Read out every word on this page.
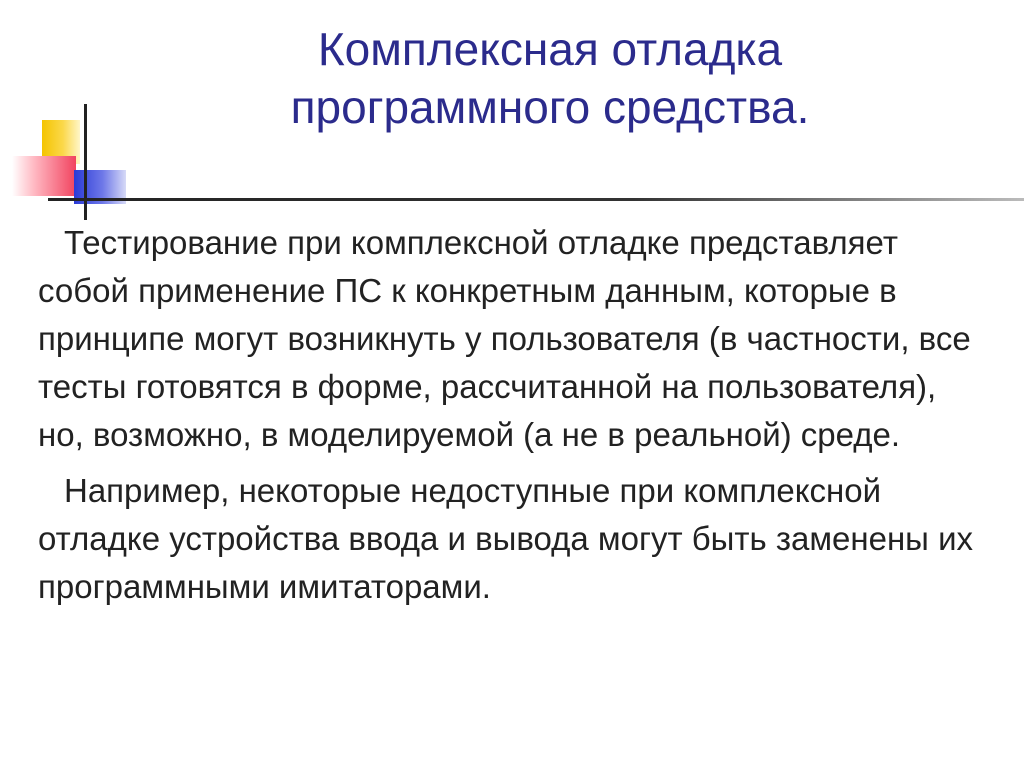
Комплексная отладка
программного средства.

Тестирование при комплексной отладке представляет собой применение ПС к конкретным данным, которые в принципе могут возникнуть у пользователя (в частности, все тесты готовятся в форме, рассчитанной на пользователя), но, возможно, в моделируемой (а не в реальной) среде.

Например, некоторые недоступные при комплексной отладке устройства ввода и вывода могут быть заменены их программными имитаторами.
